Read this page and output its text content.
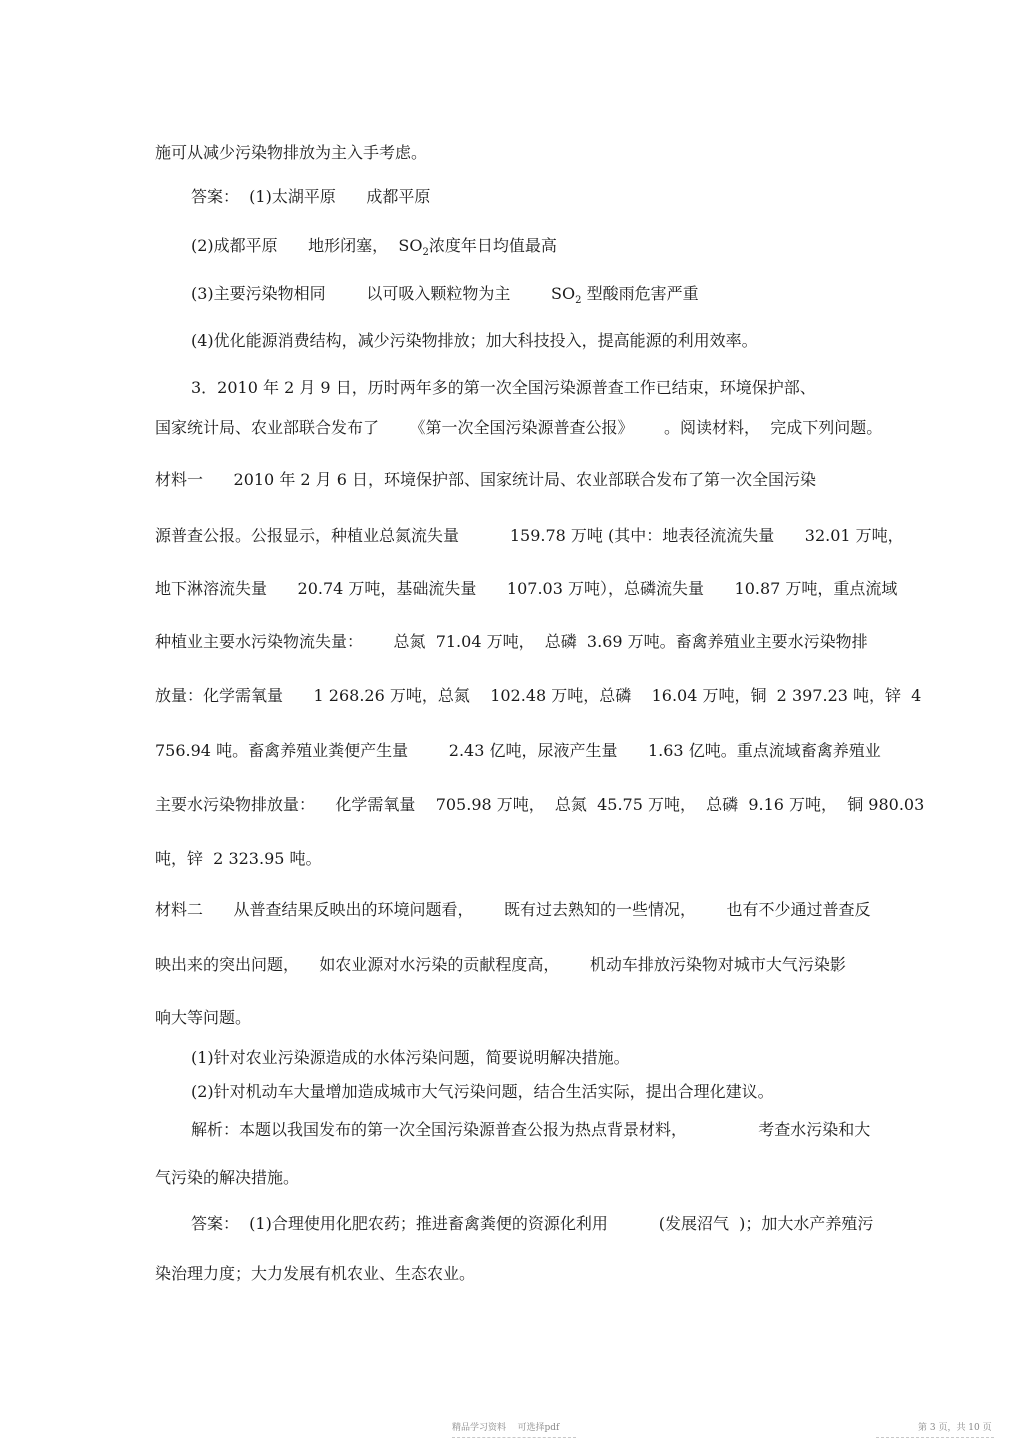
施可从减少污染物排放为主入手考虑。
答案：  (1)太湖平原      成都平原
(2)成都平原      地形闭塞，  $SO_2$浓度年日均值最高
(3)主要污染物相同        以可吸入颗粒物为主        $SO_2$ 型酸雨危害严重
(4)优化能源消费结构，减少污染物排放；加大科技投入，提高能源的利用效率。
3．2010 年 2 月 9 日，历时两年多的第一次全国污染源普查工作已结束，环境保护部、
国家统计局、农业部联合发布了      《第一次全国污染源普查公报》      。阅读材料，  完成下列问题。
材料一      2010 年 2 月 6 日，环境保护部、国家统计局、农业部联合发布了第一次全国污染
源普查公报。公报显示，种植业总氮流失量          159.78 万吨 (其中：地表径流流失量      32.01 万吨，
地下淋溶流失量      20.74 万吨，基础流失量      107.03 万吨），总磷流失量      10.87 万吨，重点流域
种植业主要水污染物流失量：      总氮  71.04 万吨，  总磷  3.69 万吨。畜禽养殖业主要水污染物排
放量：化学需氧量      1 268.26 万吨，总氮    102.48 万吨，总磷    16.04 万吨，铜  2 397.23 吨，锌  4
756.94 吨。畜禽养殖业粪便产生量        2.43 亿吨，尿液产生量      1.63 亿吨。重点流域畜禽养殖业
主要水污染物排放量：    化学需氧量    705.98 万吨，  总氮  45.75 万吨，  总磷  9.16 万吨，  铜 980.03
吨，锌  2 323.95 吨。
材料二      从普查结果反映出的环境问题看，      既有过去熟知的一些情况，      也有不少通过普查反
映出来的突出问题，    如农业源对水污染的贡献程度高，      机动车排放污染物对城市大气污染影
响大等问题。
(1)针对农业污染源造成的水体污染问题，简要说明解决措施。
(2)针对机动车大量增加造成城市大气污染问题，结合生活实际，提出合理化建议。
解析：本题以我国发布的第一次全国污染源普查公报为热点背景材料，              考查水污染和大
气污染的解决措施。
答案：  (1)合理使用化肥农药；推进畜禽粪便的资源化利用          (发展沼气  )；加大水产养殖污
染治理力度；大力发展有机农业、生态农业。
精品学习资料    可选择pdf	第 3 页，共 10 页
